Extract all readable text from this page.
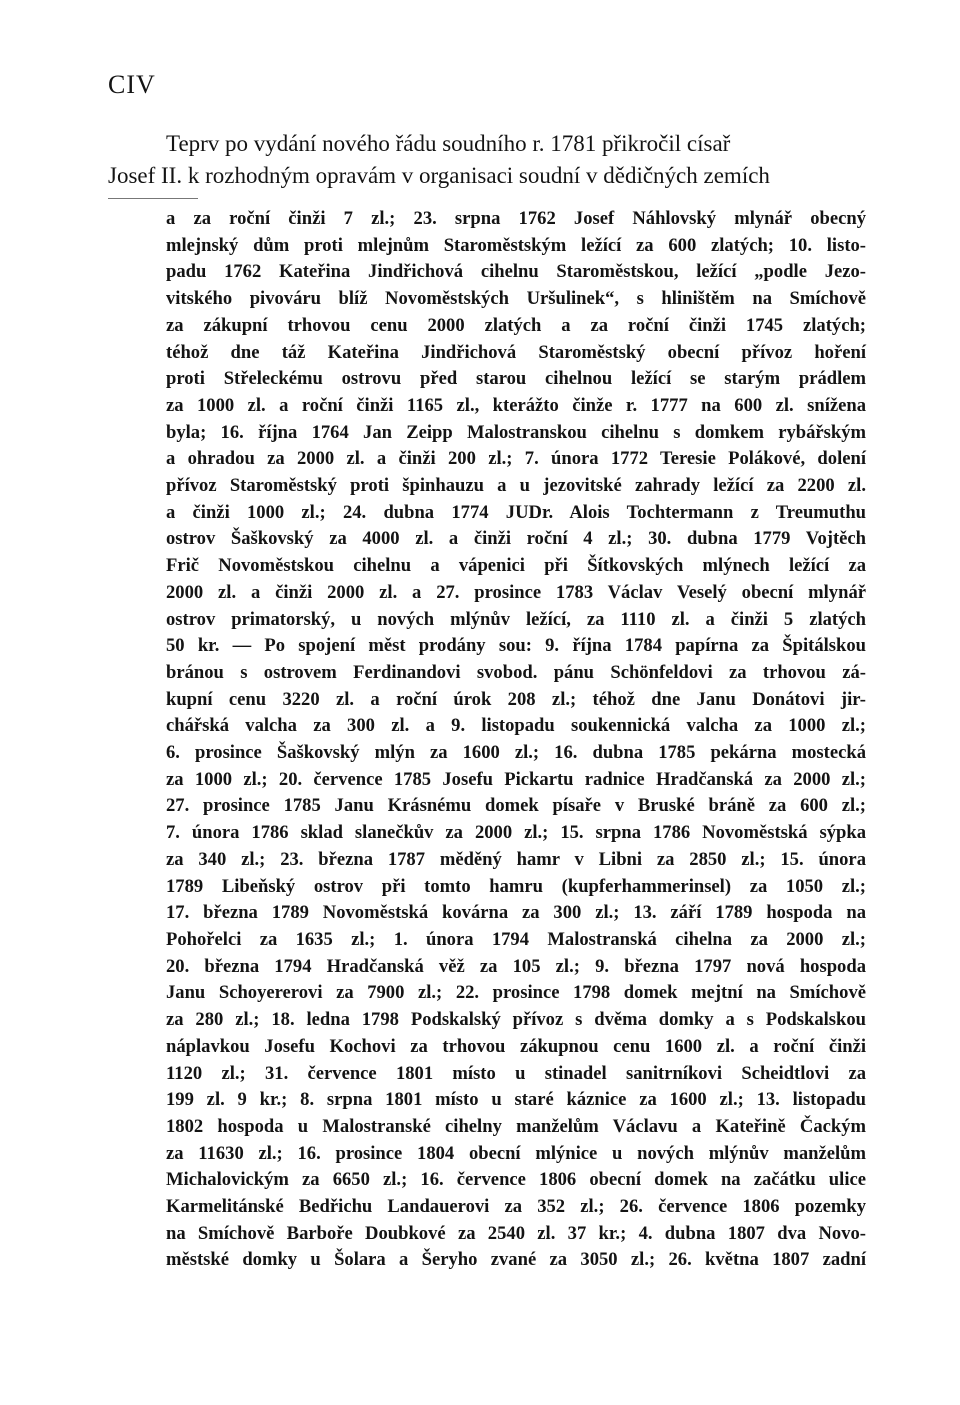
CIV
Teprv po vydání nového řádu soudního r. 1781 přikročil císař
Josef II. k rozhodným opravám v organisaci soudní v dědičných zemích
a za roční činži 7 zl.; 23. srpna 1762 Josef Náhlovský mlynář obecný
mlejnský dům proti mlejnům Staroměstským ležící za 600 zlatých; 10. listo-
padu 1762 Kateřina Jindřichová cihelnu Staroměstskou, ležící „podle Jezo-
vitského pivováru blíž Novoměstských Uršulinek“, s hliništěm na Smíchově
za zákupní trhovou cenu 2000 zlatých a za roční činži 1745 zlatých;
téhož dne táž Kateřina Jindřichová Staroměstský obecní přívoz hoření
proti Střeleckému ostrovu před starou cihelnou ležící se starým prádlem
za 1000 zl. a roční činži 1165 zl., kterážto činže r. 1777 na 600 zl. snížena
byla; 16. října 1764 Jan Zeipp Malostranskou cihelnu s domkem rybářským
a ohradou za 2000 zl. a činži 200 zl.; 7. února 1772 Teresie Polákové, dolení
přívoz Staroměstský proti špinhauzu a u jezovitské zahrady ležící za 2200 zl.
a činži 1000 zl.; 24. dubna 1774 JUDr. Alois Tochtermann z Treumuthu
ostrov Šaškovský za 4000 zl. a činži roční 4 zl.; 30. dubna 1779 Vojtěch
Frič Novoměstskou cihelnu a vápenici při Šítkovských mlýnech ležící za
2000 zl. a činži 2000 zl. a 27. prosince 1783 Václav Veselý obecní mlynář
ostrov primatorský, u nových mlýnův ležící, za 1110 zl. a činži 5 zlatých
50 kr. — Po spojení měst prodány sou: 9. října 1784 papírna za Špitálskou
bránou s ostrovem Ferdinandovi svobod. pánu Schönfeldovi za trhovou zá-
kupní cenu 3220 zl. a roční úrok 208 zl.; téhož dne Janu Donátovi jir-
chářská valcha za 300 zl. a 9. listopadu soukennická valcha za 1000 zl.;
6. prosince Šaškovský mlýn za 1600 zl.; 16. dubna 1785 pekárna mostecká
za 1000 zl.; 20. července 1785 Josefu Pickartu radnice Hradčanská za 2000 zl.;
27. prosince 1785 Janu Krásnému domek písaře v Bruské bráně za 600 zl.;
7. února 1786 sklad slanečkův za 2000 zl.; 15. srpna 1786 Novoměstská sýpka
za 340 zl.; 23. března 1787 měděný hamr v Libni za 2850 zl.; 15. února
1789 Libeňský ostrov při tomto hamru (kupferhammerinsel) za 1050 zl.;
17. března 1789 Novoměstská kovárna za 300 zl.; 13. září 1789 hospoda na
Pohořelci za 1635 zl.; 1. února 1794 Malostranská cihelna za 2000 zl.;
20. března 1794 Hradčanská věž za 105 zl.; 9. března 1797 nová hospoda
Janu Schoyererovi za 7900 zl.; 22. prosince 1798 domek mejtní na Smíchově
za 280 zl.; 18. ledna 1798 Podskalský přívoz s dvěma domky a s Podskalskou
náplavkou Josefu Kochovi za trhovou zákupnou cenu 1600 zl. a roční činži
1120 zl.; 31. července 1801 místo u stinadel sanitrníkovi Scheidtlovi za
199 zl. 9 kr.; 8. srpna 1801 místo u staré káznice za 1600 zl.; 13. listopadu
1802 hospoda u Malostranské cihelny manželům Václavu a Kateřině Čackým
za 11630 zl.; 16. prosince 1804 obecní mlýnice u nových mlýnův manželům
Michalovickým za 6650 zl.; 16. července 1806 obecní domek na začátku ulice
Karmelitánské Bedřichu Landauerovi za 352 zl.; 26. července 1806 pozemky
na Smíchově Barboře Doubkové za 2540 zl. 37 kr.; 4. dubna 1807 dva Novo-
městské domky u Šolara a Šeryho zvané za 3050 zl.; 26. května 1807 zadní
